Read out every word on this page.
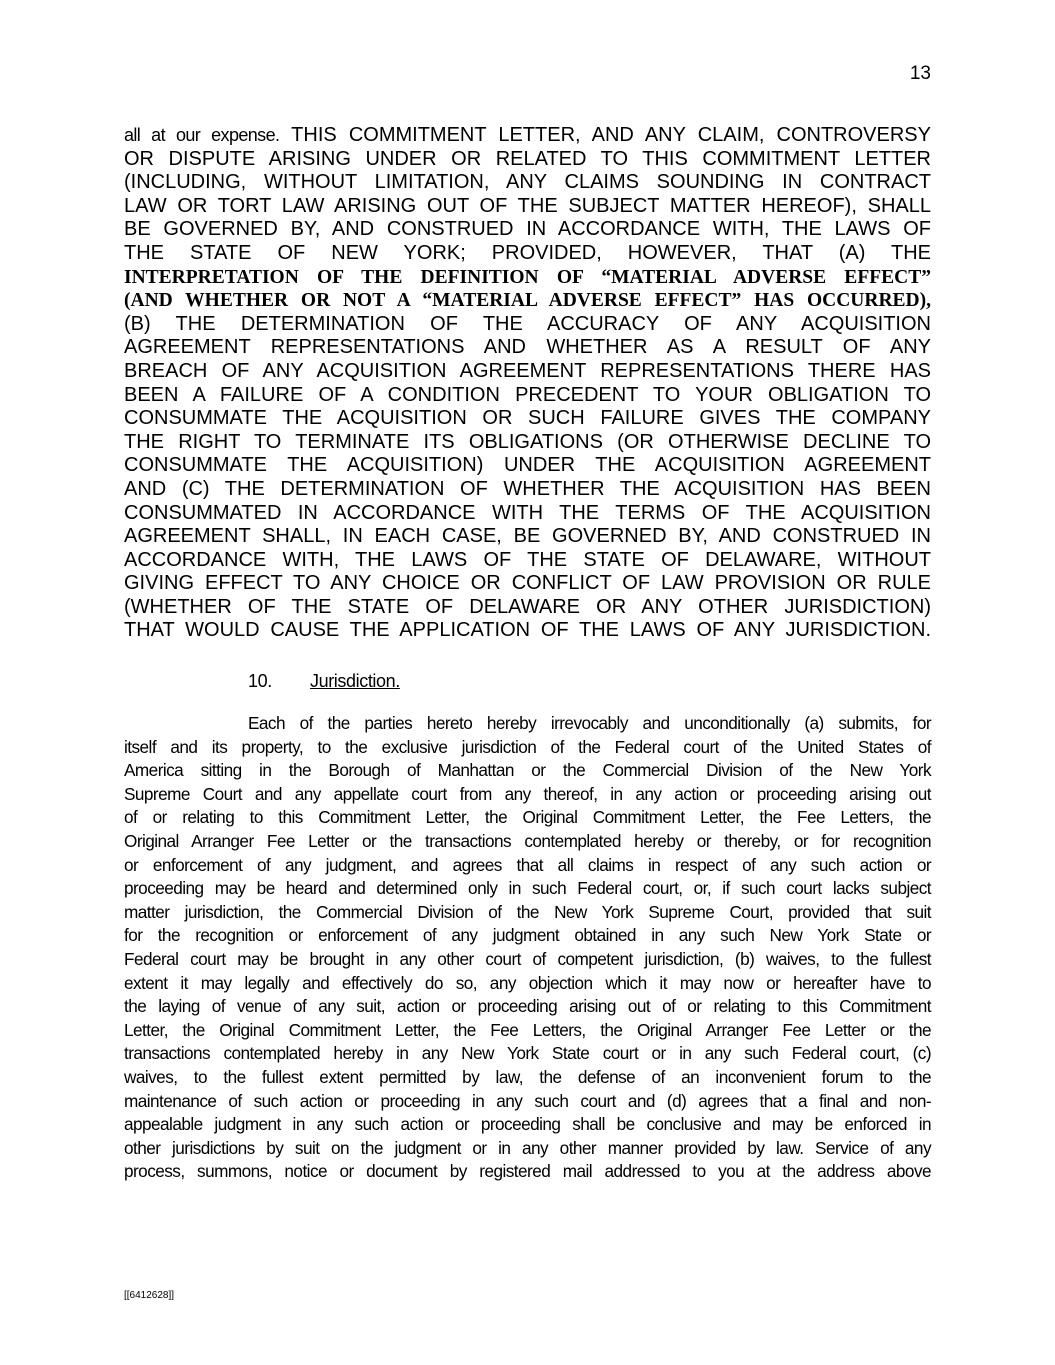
13
all at our expense. THIS COMMITMENT LETTER, AND ANY CLAIM, CONTROVERSY
OR DISPUTE ARISING UNDER OR RELATED TO THIS COMMITMENT LETTER
(INCLUDING, WITHOUT LIMITATION, ANY CLAIMS SOUNDING IN CONTRACT
LAW OR TORT LAW ARISING OUT OF THE SUBJECT MATTER HEREOF), SHALL
BE GOVERNED BY, AND CONSTRUED IN ACCORDANCE WITH, THE LAWS OF
THE STATE OF NEW YORK; PROVIDED, HOWEVER, THAT (A) THE
INTERPRETATION OF THE DEFINITION OF “MATERIAL ADVERSE EFFECT”
(AND WHETHER OR NOT A “MATERIAL ADVERSE EFFECT” HAS OCCURRED),
(B) THE DETERMINATION OF THE ACCURACY OF ANY ACQUISITION
AGREEMENT REPRESENTATIONS AND WHETHER AS A RESULT OF ANY
BREACH OF ANY ACQUISITION AGREEMENT REPRESENTATIONS THERE HAS
BEEN A FAILURE OF A CONDITION PRECEDENT TO YOUR OBLIGATION TO
CONSUMMATE THE ACQUISITION OR SUCH FAILURE GIVES THE COMPANY
THE RIGHT TO TERMINATE ITS OBLIGATIONS (OR OTHERWISE DECLINE TO
CONSUMMATE THE ACQUISITION) UNDER THE ACQUISITION AGREEMENT
AND (C) THE DETERMINATION OF WHETHER THE ACQUISITION HAS BEEN
CONSUMMATED IN ACCORDANCE WITH THE TERMS OF THE ACQUISITION
AGREEMENT SHALL, IN EACH CASE, BE GOVERNED BY, AND CONSTRUED IN
ACCORDANCE WITH, THE LAWS OF THE STATE OF DELAWARE, WITHOUT
GIVING EFFECT TO ANY CHOICE OR CONFLICT OF LAW PROVISION OR RULE
(WHETHER OF THE STATE OF DELAWARE OR ANY OTHER JURISDICTION)
THAT WOULD CAUSE THE APPLICATION OF THE LAWS OF ANY JURISDICTION.
10. Jurisdiction.
Each of the parties hereto hereby irrevocably and unconditionally (a) submits, for
itself and its property, to the exclusive jurisdiction of the Federal court of the United States of
America sitting in the Borough of Manhattan or the Commercial Division of the New York
Supreme Court and any appellate court from any thereof, in any action or proceeding arising out
of or relating to this Commitment Letter, the Original Commitment Letter, the Fee Letters, the
Original Arranger Fee Letter or the transactions contemplated hereby or thereby, or for recognition
or enforcement of any judgment, and agrees that all claims in respect of any such action or
proceeding may be heard and determined only in such Federal court, or, if such court lacks subject
matter jurisdiction, the Commercial Division of the New York Supreme Court, provided that suit
for the recognition or enforcement of any judgment obtained in any such New York State or
Federal court may be brought in any other court of competent jurisdiction, (b) waives, to the fullest
extent it may legally and effectively do so, any objection which it may now or hereafter have to
the laying of venue of any suit, action or proceeding arising out of or relating to this Commitment
Letter, the Original Commitment Letter, the Fee Letters, the Original Arranger Fee Letter or the
transactions contemplated hereby in any New York State court or in any such Federal court, (c)
waives, to the fullest extent permitted by law, the defense of an inconvenient forum to the
maintenance of such action or proceeding in any such court and (d) agrees that a final and non-
appealable judgment in any such action or proceeding shall be conclusive and may be enforced in
other jurisdictions by suit on the judgment or in any other manner provided by law. Service of any
process, summons, notice or document by registered mail addressed to you at the address above
[[6412628]]
